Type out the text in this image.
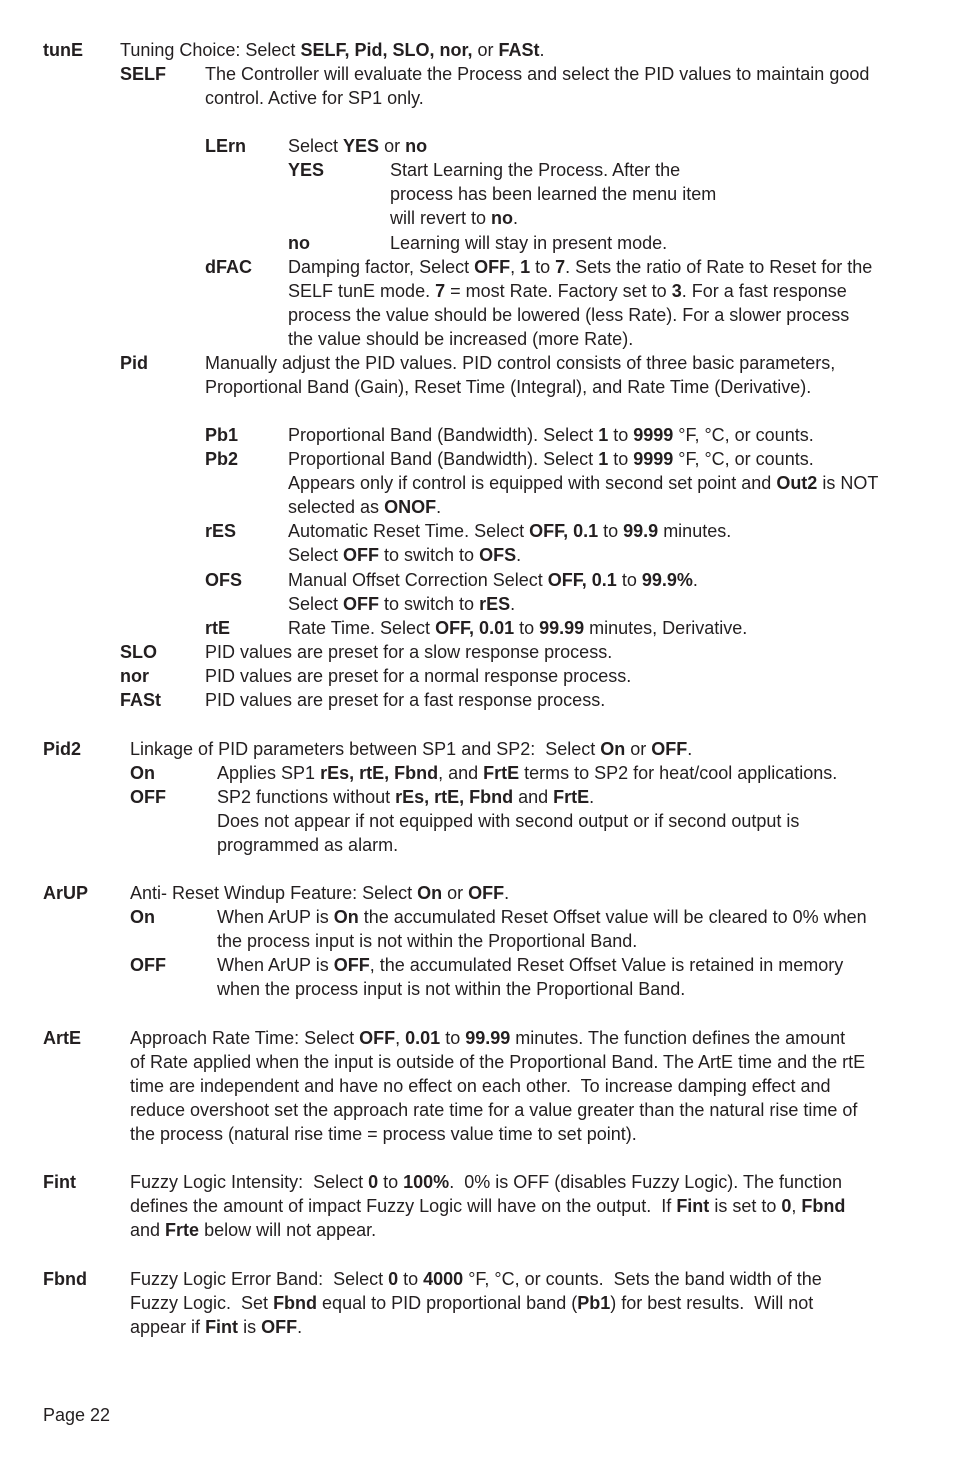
tunE Tuning Choice: Select SELF, Pid, SLO, nor, or FASt.
SELF The Controller will evaluate the Process and select the PID values to maintain good
control. Active for SP1 only.
LErn Select YES or no
YES	Start Learning the Process. After the
process has been learned the menu item
will revert to no.
no	Learning will stay in present mode.
dFAC Damping factor, Select OFF, 1 to 7. Sets the ratio of Rate to Reset for the
SELF tunE mode. 7 = most Rate. Factory set to 3. For a fast response
process the value should be lowered (less Rate). For a slower process
the value should be increased (more Rate).
Pid	Manually adjust the PID values. PID control consists of three basic parameters,
Proportional Band (Gain), Reset Time (Integral), and Rate Time (Derivative).
Pb1	Proportional Band (Bandwidth). Select 1 to 9999 °F, °C, or counts.
Pb2	Proportional Band (Bandwidth). Select 1 to 9999 °F, °C, or counts.
Appears only if control is equipped with second set point and Out2 is NOT
selected as ONOF.
rES	Automatic Reset Time. Select OFF, 0.1 to 99.9 minutes.
Select OFF to switch to OFS.
OFS	Manual Offset Correction Select OFF, 0.1 to 99.9%.
Select OFF to switch to rES.
rtE	Rate Time. Select OFF, 0.01 to 99.99 minutes, Derivative.
SLO	PID values are preset for a slow response process.
nor	PID values are preset for a normal response process.
FASt PID values are preset for a fast response process.
Pid2	Linkage of PID parameters between SP1 and SP2:  Select On or OFF.
On	Applies SP1 rEs, rtE, Fbnd, and FrtE terms to SP2 for heat/cool applications.
OFF	SP2 functions without rEs, rtE, Fbnd and FrtE.
Does not appear if not equipped with second output or if second output is
programmed as alarm.
ArUP Anti- Reset Windup Feature: Select On or OFF.
On	When ArUP is On the accumulated Reset Offset value will be cleared to 0% when
the process input is not within the Proportional Band.
OFF	When ArUP is OFF, the accumulated Reset Offset Value is retained in memory
when the process input is not within the Proportional Band.
ArtE	Approach Rate Time: Select OFF, 0.01 to 99.99 minutes. The function defines the amount
of Rate applied when the input is outside of the Proportional Band. The ArtE time and the rtE
time are independent and have no effect on each other.  To increase damping effect and
reduce overshoot set the approach rate time for a value greater than the natural rise time of
the process (natural rise time = process value time to set point).
Fint	Fuzzy Logic Intensity:  Select 0 to 100%.  0% is OFF (disables Fuzzy Logic). The function
defines the amount of impact Fuzzy Logic will have on the output.  If Fint is set to 0, Fbnd
and Frte below will not appear.
Fbnd Fuzzy Logic Error Band:  Select 0 to 4000 °F, °C, or counts.  Sets the band width of the
Fuzzy Logic.  Set Fbnd equal to PID proportional band (Pb1) for best results.  Will not
appear if Fint is OFF.
Page 22
